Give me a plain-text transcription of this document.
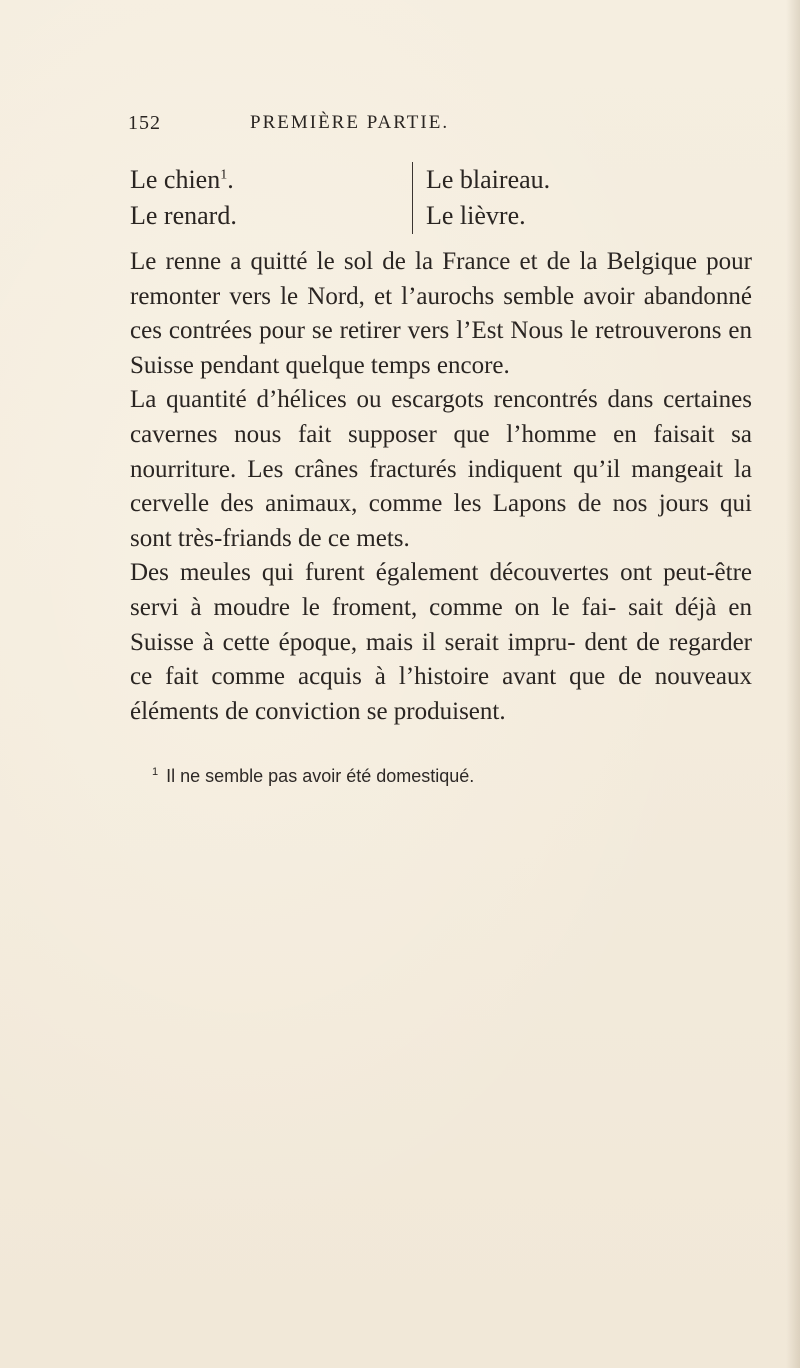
152	PREMIÈRE PARTIE.
Le chien$^1$.
Le renard.
Le blaireau.
Le lièvre.

Le renne a quitté le sol de la France et de la Belgique pour remonter vers le Nord, et l’aurochs semble avoir abandonné ces contrées pour se retirer vers l’Est Nous le retrouverons en Suisse pendant quelque temps encore.

La quantité d’hélices ou escargots rencontrés dans certaines cavernes nous fait supposer que l’homme en faisait sa nourriture. Les crânes fracturés indiquent qu’il mangeait la cervelle des animaux, comme les Lapons de nos jours qui sont très-friands de ce mets.

Des meules qui furent également découvertes ont peut-être servi à moudre le froment, comme on le fai- sait déjà en Suisse à cette époque, mais il serait impru- dent de regarder ce fait comme acquis à l’histoire avant que de nouveaux éléments de conviction se produisent.

$^1$ Il ne semble pas avoir été domestiqué.
